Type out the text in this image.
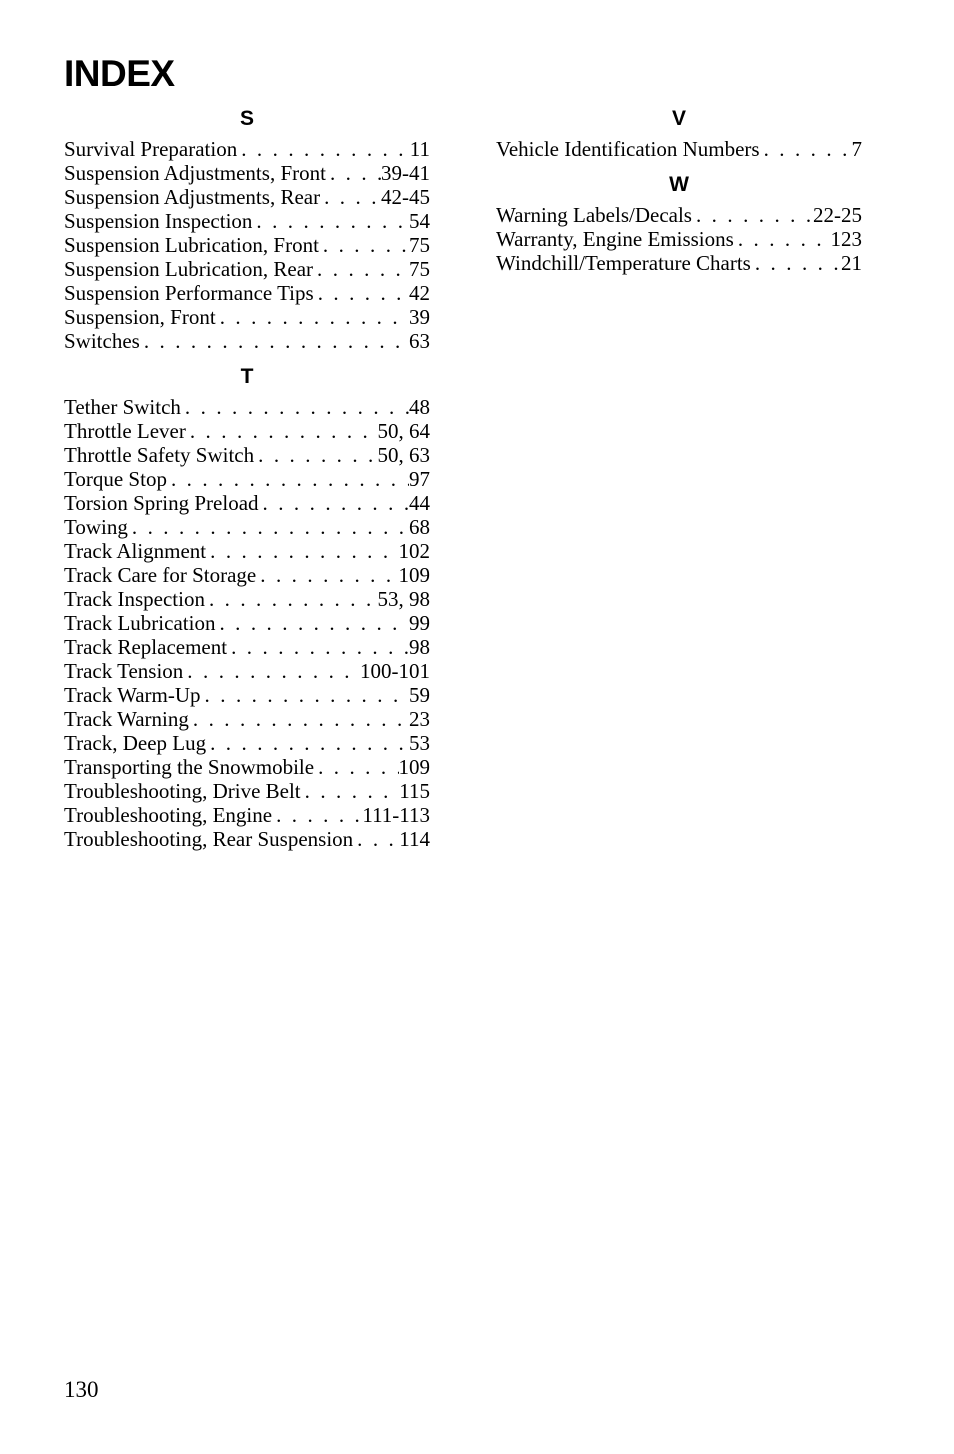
INDEX
S
Survival Preparation . . .	11
Suspension Adjustments, Front . . .	39-41
Suspension Adjustments, Rear . . .	42-45
Suspension Inspection . . .	54
Suspension Lubrication, Front . . .	75
Suspension Lubrication, Rear . . .	75
Suspension Performance Tips . . .	42
Suspension, Front . . .	39
Switches . . .	63
T
Tether Switch . . .	48
Throttle Lever . . .	50, 64
Throttle Safety Switch . . .	50, 63
Torque Stop . . .	97
Torsion Spring Preload . . .	44
Towing . . .	68
Track Alignment . . .	102
Track Care for Storage . . .	109
Track Inspection . . .	53, 98
Track Lubrication . . .	99
Track Replacement . . .	98
Track Tension . . .	100-101
Track Warm-Up . . .	59
Track Warning . . .	23
Track, Deep Lug . . .	53
Transporting the Snowmobile . . .	109
Troubleshooting, Drive Belt . . .	115
Troubleshooting, Engine . . .	111-113
Troubleshooting, Rear Suspension . . . 114
V
Vehicle Identification Numbers . . .	7
W
Warning Labels/Decals . . .	22-25
Warranty, Engine Emissions . . .	123
Windchill/Temperature Charts . . .	21
130
